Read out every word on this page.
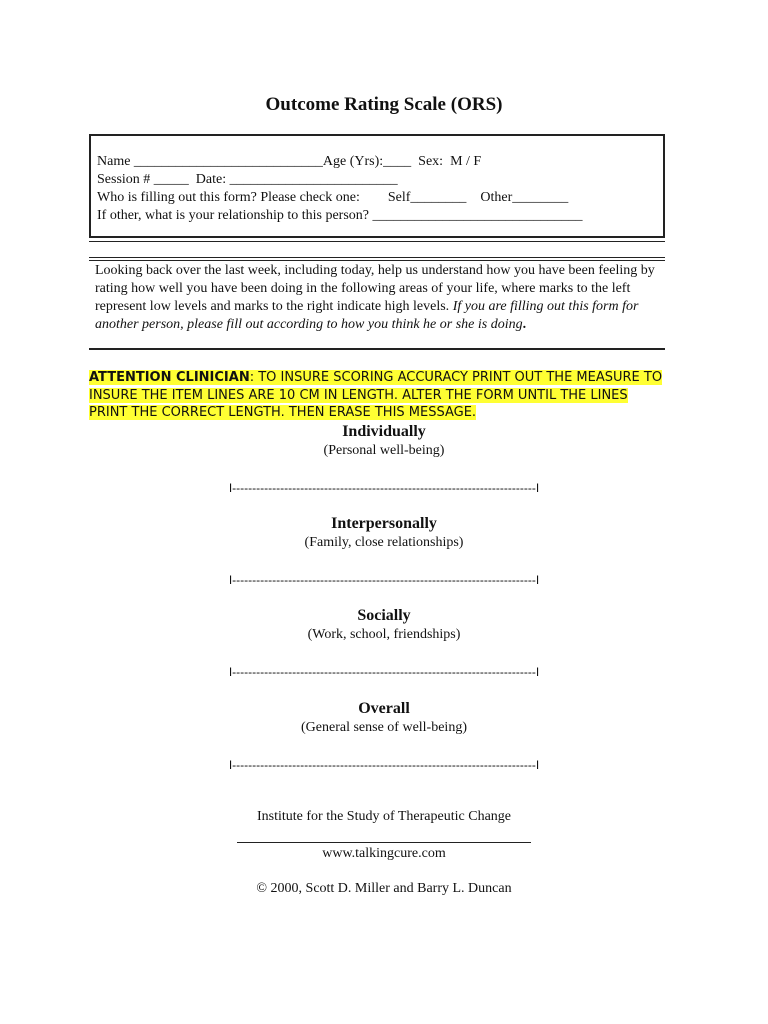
Outcome Rating Scale (ORS)
Name ___________________________Age (Yrs):____  Sex:  M / F
Session # _____  Date: ________________________
Who is filling out this form? Please check one:        Self________    Other________
If other, what is your relationship to this person? ______________________________
Looking back over the last week, including today, help us understand how you have been feeling by rating how well you have been doing in the following areas of your life, where marks to the left represent low levels and marks to the right indicate high levels. If you are filling out this form for another person, please fill out according to how you think he or she is doing.
ATTENTION CLINICIAN: TO INSURE SCORING ACCURACY PRINT OUT THE MEASURE TO INSURE THE ITEM LINES ARE 10 CM IN LENGTH. ALTER THE FORM UNTIL THE LINES PRINT THE CORRECT LENGTH. THEN ERASE THIS MESSAGE.
Individually
(Personal well-being)
I----------------------------------------------------------------------------I
Interpersonally
(Family, close relationships)
I----------------------------------------------------------------------------I
Socially
(Work, school, friendships)
I----------------------------------------------------------------------------I
Overall
(General sense of well-being)
I----------------------------------------------------------------------------I
Institute for the Study of Therapeutic Change
www.talkingcure.com
© 2000, Scott D. Miller and Barry L. Duncan
